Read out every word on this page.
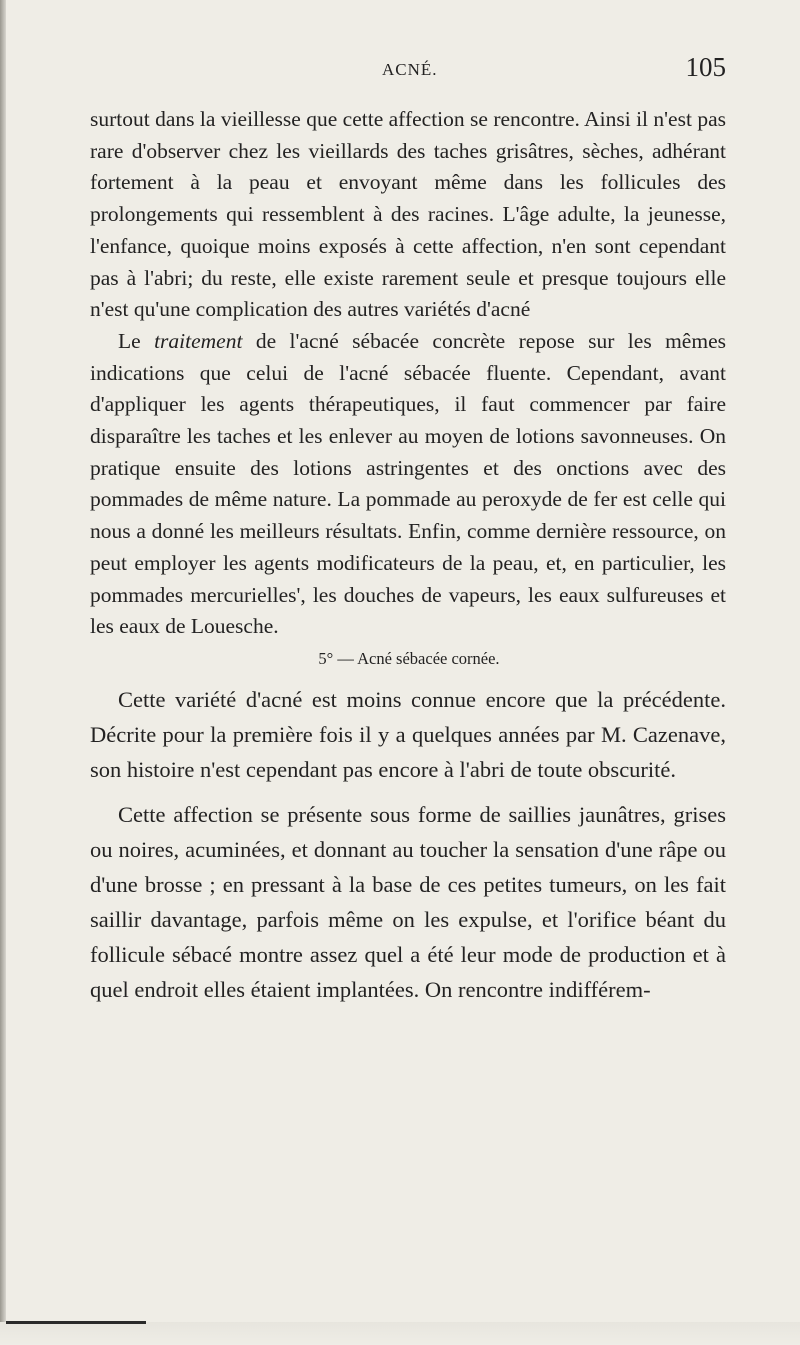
ACNÉ.	105

surtout dans la vieillesse que cette affection se rencontre. Ainsi il n'est pas rare d'observer chez les vieillards des taches grisâtres, sèches, adhérant fortement à la peau et envoyant même dans les follicules des prolongements qui ressemblent à des racines. L'âge adulte, la jeunesse, l'enfance, quoique moins exposés à cette affection, n'en sont cependant pas à l'abri; du reste, elle existe rarement seule et presque toujours elle n'est qu'une complication des autres variétés d'acné

Le traitement de l'acné sébacée concrète repose sur les mêmes indications que celui de l'acné sébacée fluente. Cependant, avant d'appliquer les agents thérapeutiques, il faut commencer par faire disparaître les taches et les enlever au moyen de lotions savonneuses. On pratique ensuite des lotions astringentes et des onctions avec des pommades de même nature. La pommade au peroxyde de fer est celle qui nous a donné les meilleurs résultats. Enfin, comme dernière ressource, on peut employer les agents modificateurs de la peau, et, en particulier, les pommades mercurielles', les douches de vapeurs, les eaux sulfureuses et les eaux de Louesche.

5° — Acné sébacée cornée.

Cette variété d'acné est moins connue encore que la précédente. Décrite pour la première fois il y a quelques années par M. Cazenave, son histoire n'est cependant pas encore à l'abri de toute obscurité.

Cette affection se présente sous forme de saillies jaunâtres, grises ou noires, acuminées, et donnant au toucher la sensation d'une râpe ou d'une brosse ; en pressant à la base de ces petites tumeurs, on les fait saillir davantage, parfois même on les expulse, et l'orifice béant du follicule sébacé montre assez quel a été leur mode de production et à quel endroit elles étaient implantées. On rencontre indifférem-
